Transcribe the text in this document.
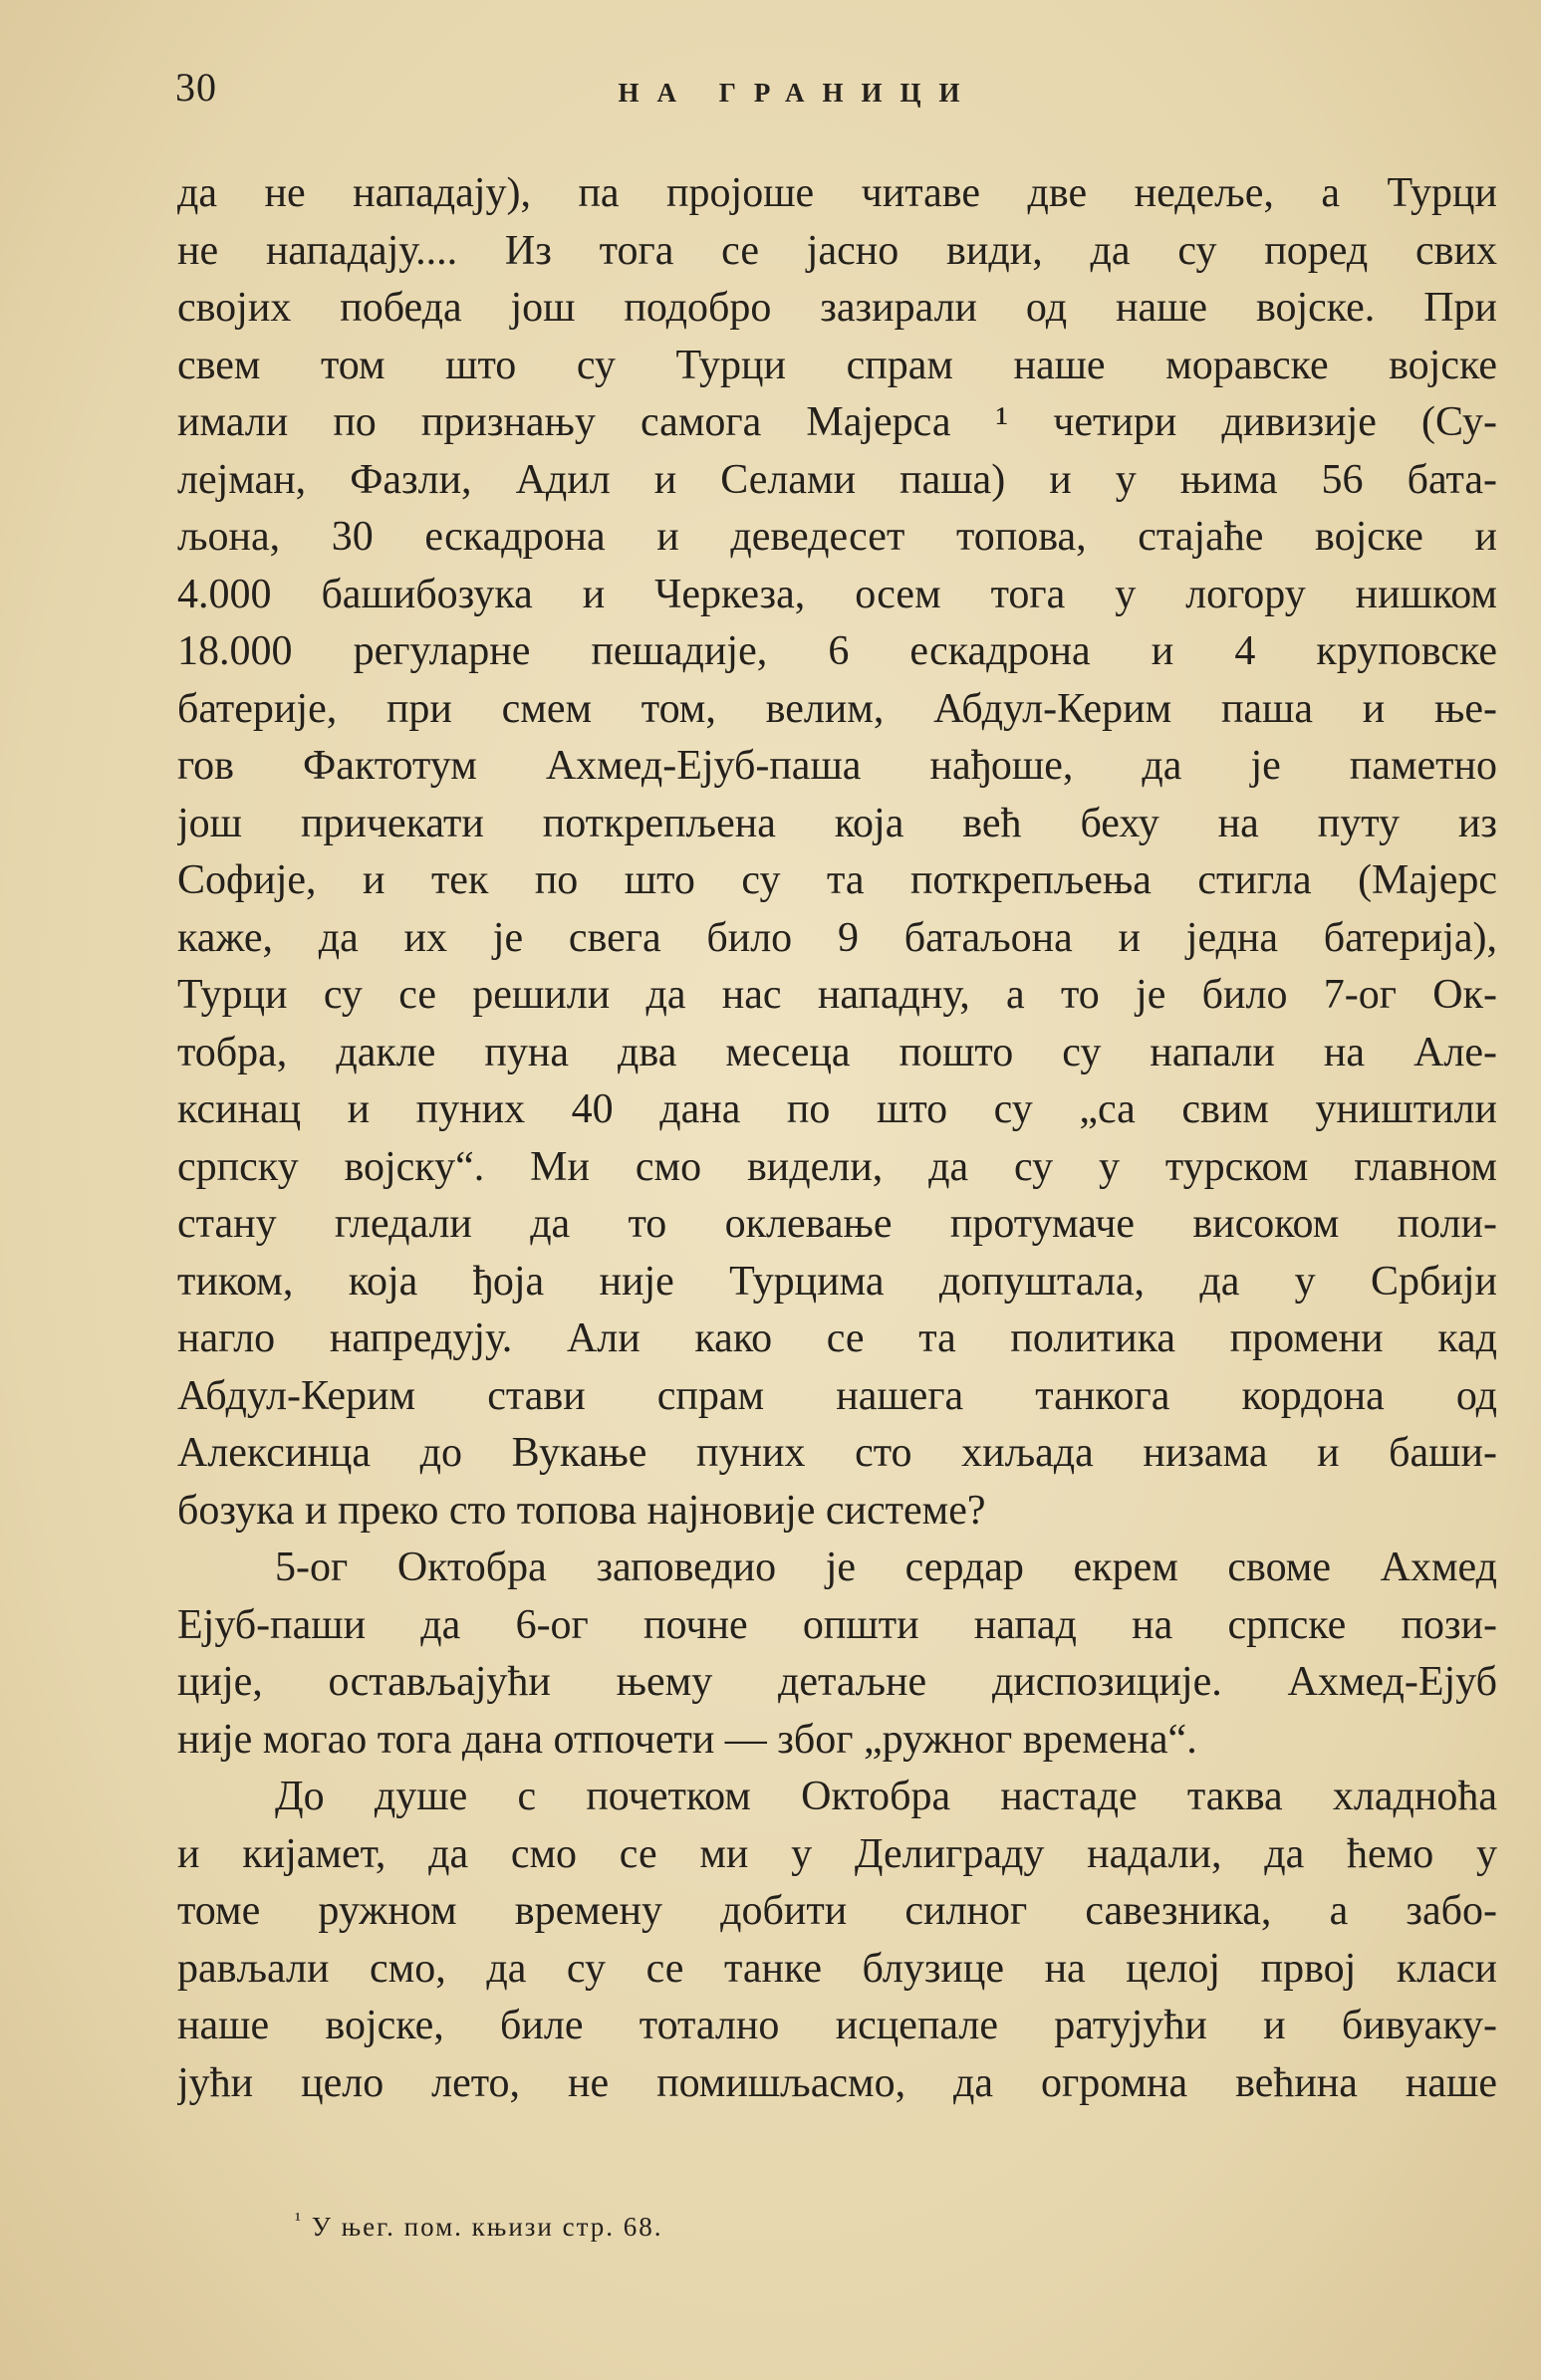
30	НА ГРАНИЦИ
да не нападају), па пројоше читаве две недеље, а Турци
не нападају.... Из тога се јасно види, да су поред свих
својих победа још подобро зазирали од наше војске. При
свем том што су Турци спрам наше моравске војске
имали по признању самога Мајерса ¹ четири дивизије (Су-
лејман, Фазли, Адил и Селами паша) и у њима 56 бата-
љона, 30 ескадрона и деведесет топова, стајаће војске и
4.000 башибозука и Черкеза, осем тога у логору нишком
18.000 регуларне пешадије, 6 ескадрона и 4 круповске
батерије, при смем том, велим, Абдул-Керим паша и ње-
гов Фактотум Ахмед-Ејуб-паша нађоше, да је паметно
још причекати поткрепљена која већ беху на путу из
Софије, и тек по што су та поткрепљења стигла (Мајерс
каже, да их је свега било 9 батаљона и једна батерија),
Турци су се решили да нас нападну, а то је било 7-ог Ок-
тобра, дакле пуна два месеца пошто су напали на Але-
ксинац и пуних 40 дана по што су „са свим уништили
српску војску“. Ми смо видели, да су у турском главном
стану гледали да то оклевање протумаче високом поли-
тиком, која ђоја није Турцима допуштала, да у Србији
нагло напредују. Али како се та политика промени кад
Абдул-Керим стави спрам нашега танкога кордона од
Алексинца до Вукање пуних сто хиљада низама и баши-
бозука и преко сто топова најновије системе?
5-ог Октобра заповедио је сердар екрем своме Ахмед
Ејуб-паши да 6-ог почне општи напад на српске пози-
ције, остављајући њему детаљне диспозиције. Ахмед-Ејуб
није могао тога дана отпочети — због „ружног времена“.
До душе с почетком Октобра настаде таква хладноћа
и кијамет, да смо се ми у Делиграду надали, да ћемо у
томе ружном времену добити силног савезника, а забо-
рављали смо, да су се танке блузице на целој првој класи
наше војске, биле тотално исцепале ратујући и бивуаку-
јући цело лето, не помишљасмо, да огромна већина наше
$^{^1}$ У њег. пом. књизи стр. 68.
